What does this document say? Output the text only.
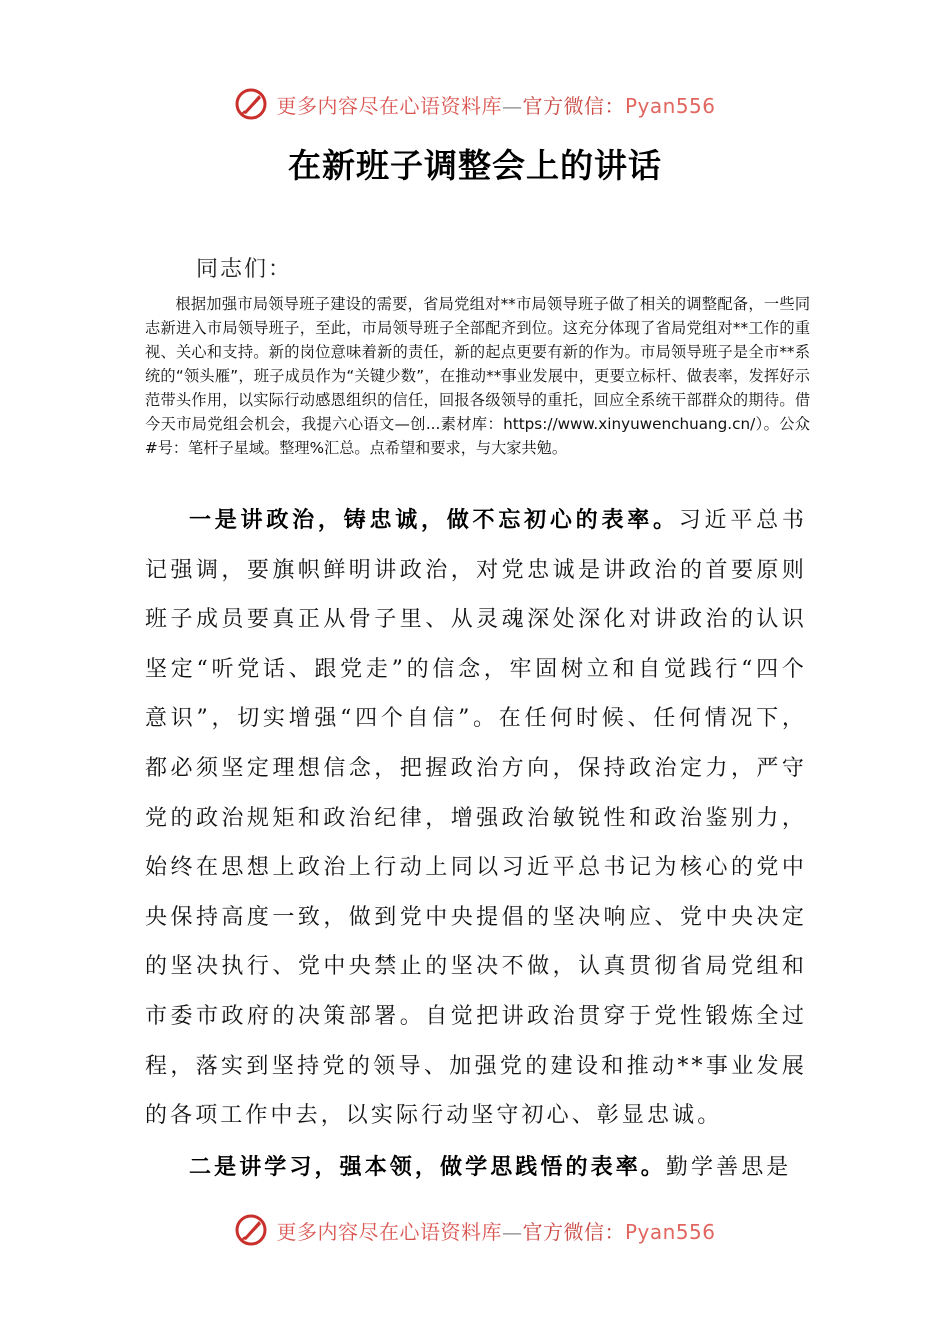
更多内容尽在心语资料库—官方微信：Pyan556
在新班子调整会上的讲话
同志们：
根据加强市局领导班子建设的需要，省局党组对**市局领导班子做了相关的调整配备，一些同志新进入市局领导班子，至此，市局领导班子全部配齐到位。这充分体现了省局党组对**工作的重视、关心和支持。新的岗位意味着新的责任，新的起点更要有新的作为。市局领导班子是全市**系统的“领头雁”，班子成员作为“关键少数”，在推动**事业发展中，更要立标杆、做表率，发挥好示范带头作用，以实际行动感恩组织的信任，回报各级领导的重托，回应全系统干部群众的期待。借今天市局党组会机会，我提六心语文—创...素材库：https://www.xinyuwenchuang.cn/）。公众#号：笔杆子星域。整理%汇总。点希望和要求，与大家共勉。
一是讲政治，铸忠诚，做不忘初心的表率。习近平总书记强调，要旗帜鲜明讲政治，对党忠诚是讲政治的首要原则班子成员要真正从骨子里、从灵魂深处深化对讲政治的认识坚定“听党话、跟党走”的信念，牢固树立和自觉践行“四个意识”，切实增强“四个自信”。在任何时候、任何情况下，都必须坚定理想信念，把握政治方向，保持政治定力，严守党的政治规矩和政治纪律，增强政治敏锐性和政治鉴别力，始终在思想上政治上行动上同以习近平总书记为核心的党中央保持高度一致，做到党中央提倡的坚决响应、党中央决定的坚决执行、党中央禁止的坚决不做，认真贯彻省局党组和市委市政府的决策部署。自觉把讲政治贯穿于党性锻炼全过程，落实到坚持党的领导、加强党的建设和推动**事业发展的各项工作中去，以实际行动坚守初心、彰显忠诚。
二是讲学习，强本领，做学思践悟的表率。勤学善思是
更多内容尽在心语资料库—官方微信：Pyan556
